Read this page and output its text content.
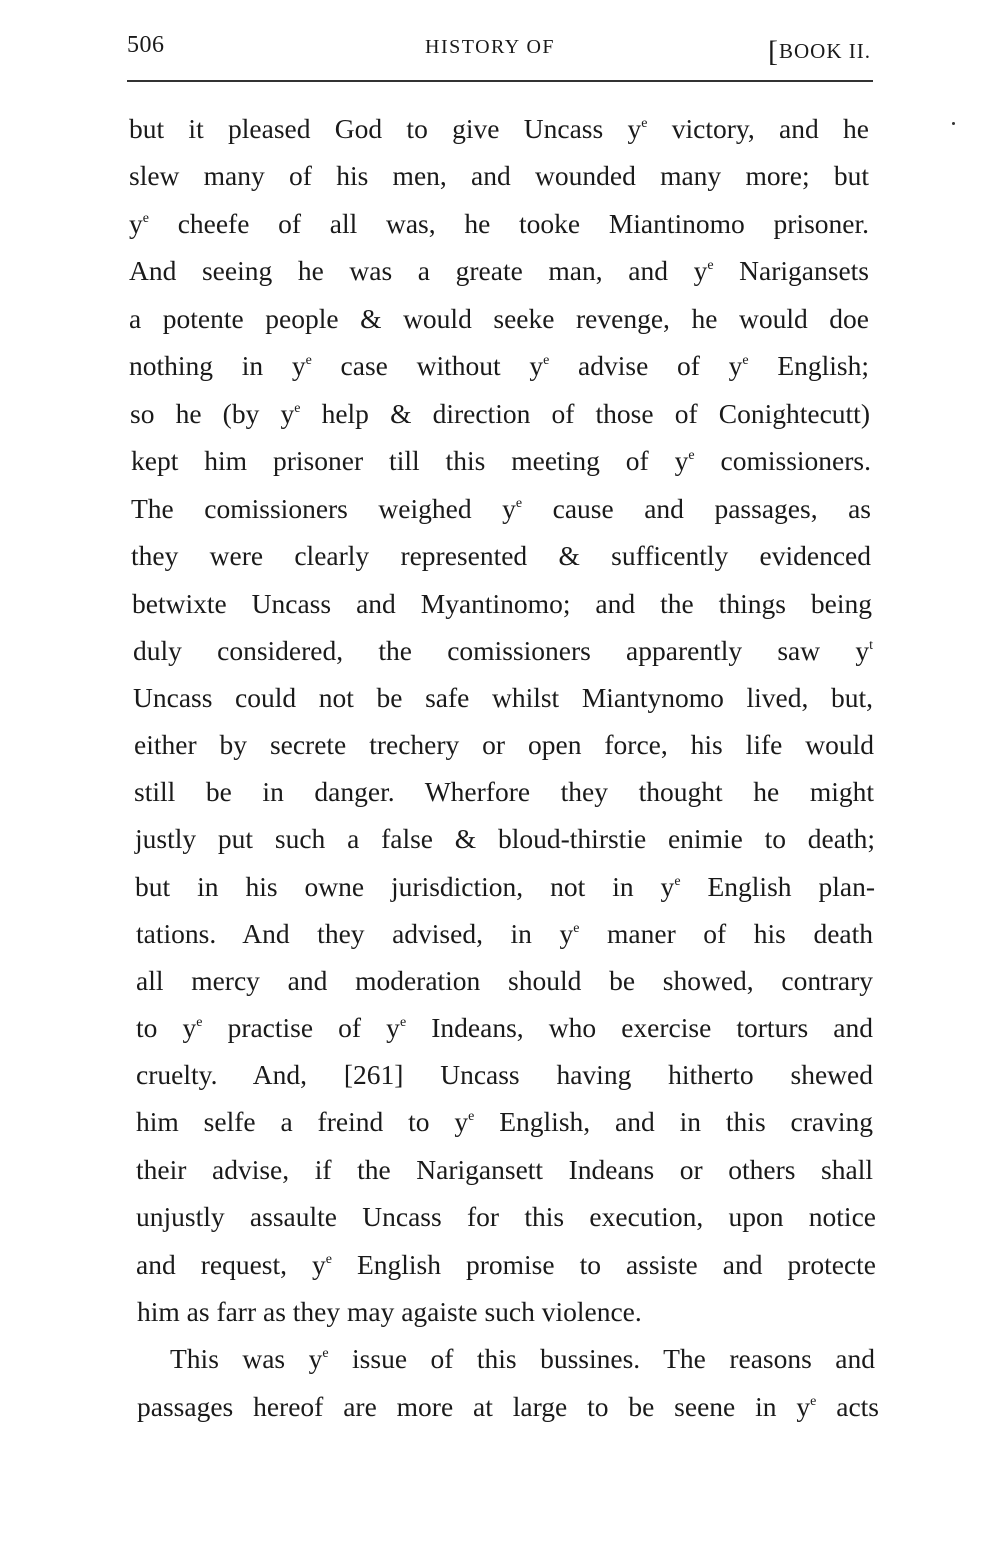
506	HISTORY OF	[BOOK II.
but it pleased God to give Uncass $y^e$ victory, and he
slew many of his men, and wounded many more; but
$y^e$ cheefe of all was, he tooke Miantinomo prisoner.
And seeing he was a greate man, and $y^e$ Narigansets
a potente people & would seeke revenge, he would doe
nothing in $y^e$ case without $y^e$ advise of $y^e$ English;
so he (by $y^e$ help & direction of those of Conightecutt)
kept him prisoner till this meeting of $y^e$ comissioners.
The comissioners weighed $y^e$ cause and passages, as
they were clearly represented & sufficently evidenced
betwixte Uncass and Myantinomo; and the things being
duly considered, the comissioners apparently saw $y^t$
Uncass could not be safe whilst Miantynomo lived, but,
either by secrete trechery or open force, his life would
still be in danger. Wherfore they thought he might
justly put such a false & bloud-thirstie enimie to death;
but in his owne jurisdiction, not in $y^e$ English plan-
tations. And they advised, in $y^e$ maner of his death
all mercy and moderation should be showed, contrary
to $y^e$ practise of $y^e$ Indeans, who exercise torturs and
cruelty. And, [261] Uncass having hitherto shewed
him selfe a freind to $y^e$ English, and in this craving
their advise, if the Narigansett Indeans or others shall
unjustly assaulte Uncass for this execution, upon notice
and request, $y^e$ English promise to assiste and protecte
him as farr as they may agaiste such violence.
This was $y^e$ issue of this bussines. The reasons and
passages hereof are more at large to be seene in $y^e$ acts
